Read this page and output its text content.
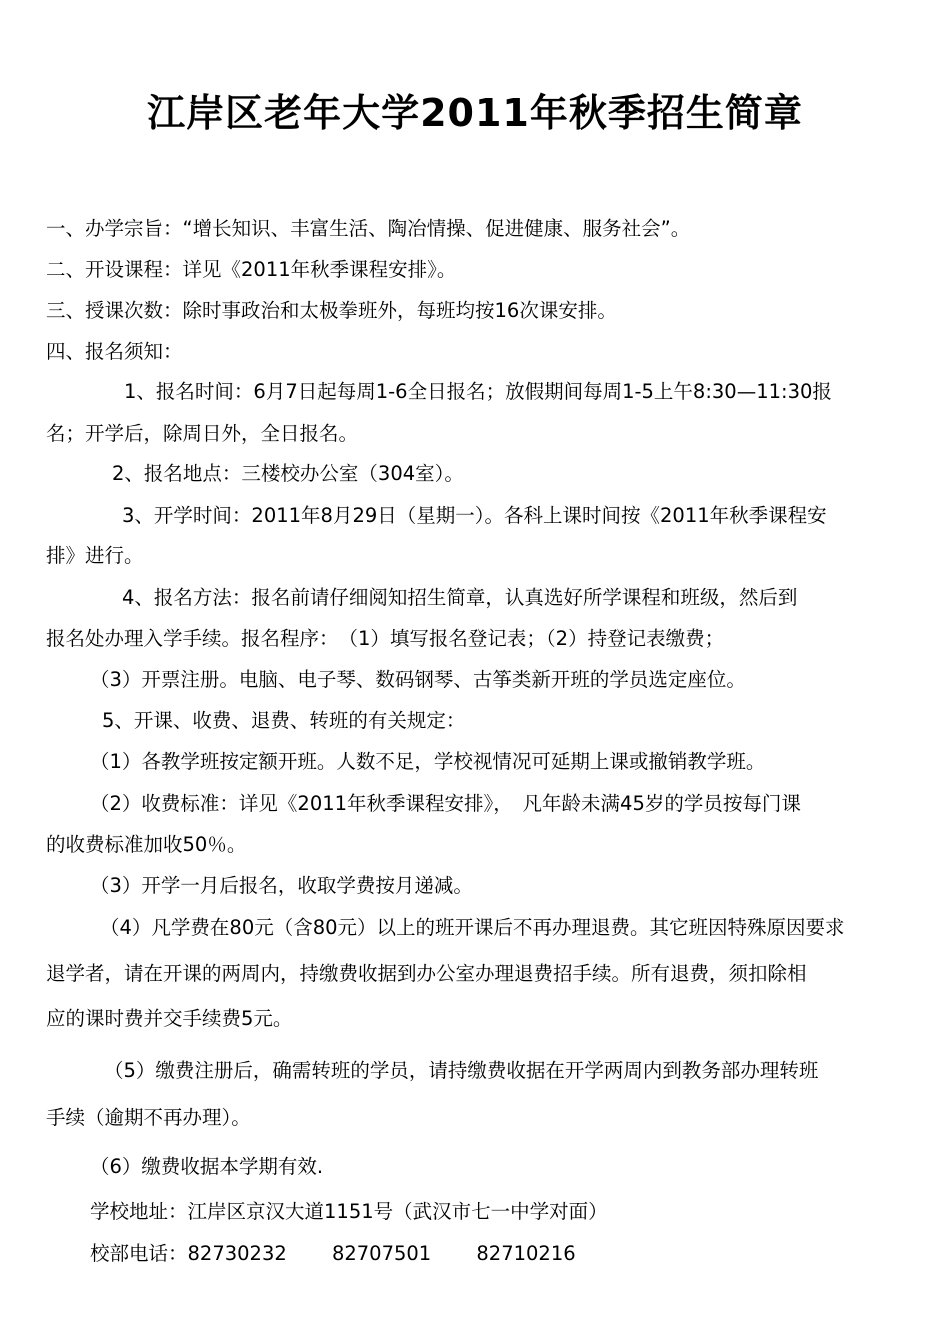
江岸区老年大学2011年秋季招生简章
一、办学宗旨：“增长知识、丰富生活、陶冶情操、促进健康、服务社会”。
二、开设课程：详见《2011年秋季课程安排》。
三、授课次数：除时事政治和太极拳班外，每班均按16次课安排。
四、报名须知：
1、报名时间：6月7日起每周1-6全日报名；放假期间每周1-5上午8:30—11:30报
名；开学后，除周日外，全日报名。
2、报名地点：三楼校办公室（304室）。
3、开学时间：2011年8月29日（星期一）。各科上课时间按《2011年秋季课程安
排》进行。
4、报名方法：报名前请仔细阅知招生简章，认真选好所学课程和班级，然后到
报名处办理入学手续。报名程序：　（1）填写报名登记表；（2）持登记表缴费；
（3）开票注册。电脑、电子琴、数码钢琴、古筝类新开班的学员选定座位。
5、开课、收费、退费、转班的有关规定：
（1）各教学班按定额开班。人数不足，学校视情况可延期上课或撤销教学班。
（2）收费标准：详见《2011年秋季课程安排》，　凡年龄未满45岁的学员按每门课
的收费标准加收50％。
（3）开学一月后报名，收取学费按月递减。
（4）凡学费在80元（含80元）以上的班开课后不再办理退费。其它班因特殊原因要求
退学者，请在开课的两周内，持缴费收据到办公室办理退费招手续。所有退费，须扣除相
应的课时费并交手续费5元。
（5）缴费注册后，确需转班的学员，请持缴费收据在开学两周内到教务部办理转班
手续（逾期不再办理）。
（6）缴费收据本学期有效.
学校地址：江岸区京汉大道1151号（武汉市七一中学对面）
校部电话：82730232　　 82707501　　 82710216
